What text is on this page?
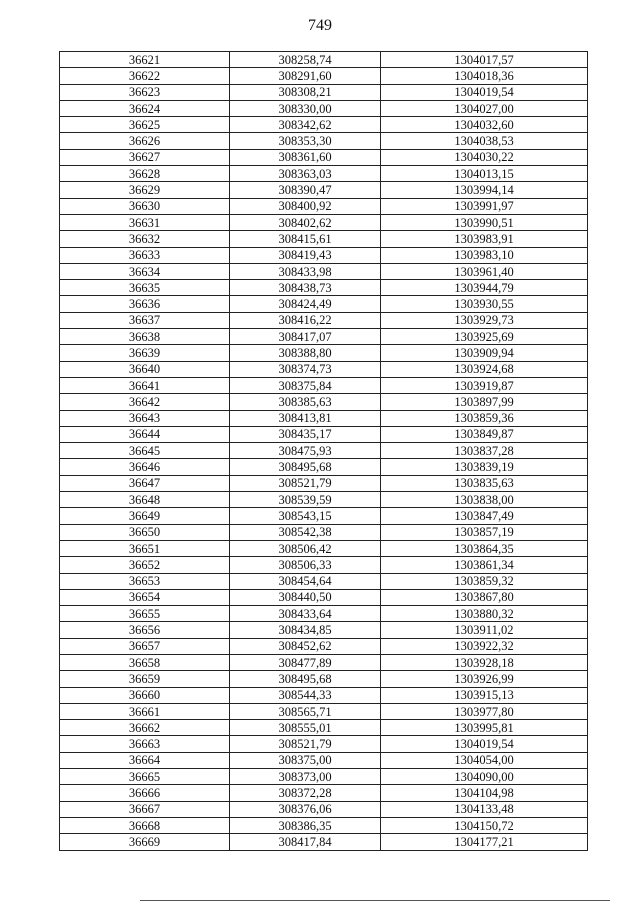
749
36621	308258,74	1304017,57
36622	308291,60	1304018,36
36623	308308,21	1304019,54
36624	308330,00	1304027,00
36625	308342,62	1304032,60
36626	308353,30	1304038,53
36627	308361,60	1304030,22
36628	308363,03	1304013,15
36629	308390,47	1303994,14
36630	308400,92	1303991,97
36631	308402,62	1303990,51
36632	308415,61	1303983,91
36633	308419,43	1303983,10
36634	308433,98	1303961,40
36635	308438,73	1303944,79
36636	308424,49	1303930,55
36637	308416,22	1303929,73
36638	308417,07	1303925,69
36639	308388,80	1303909,94
36640	308374,73	1303924,68
36641	308375,84	1303919,87
36642	308385,63	1303897,99
36643	308413,81	1303859,36
36644	308435,17	1303849,87
36645	308475,93	1303837,28
36646	308495,68	1303839,19
36647	308521,79	1303835,63
36648	308539,59	1303838,00
36649	308543,15	1303847,49
36650	308542,38	1303857,19
36651	308506,42	1303864,35
36652	308506,33	1303861,34
36653	308454,64	1303859,32
36654	308440,50	1303867,80
36655	308433,64	1303880,32
36656	308434,85	1303911,02
36657	308452,62	1303922,32
36658	308477,89	1303928,18
36659	308495,68	1303926,99
36660	308544,33	1303915,13
36661	308565,71	1303977,80
36662	308555,01	1303995,81
36663	308521,79	1304019,54
36664	308375,00	1304054,00
36665	308373,00	1304090,00
36666	308372,28	1304104,98
36667	308376,06	1304133,48
36668	308386,35	1304150,72
36669	308417,84	1304177,21
